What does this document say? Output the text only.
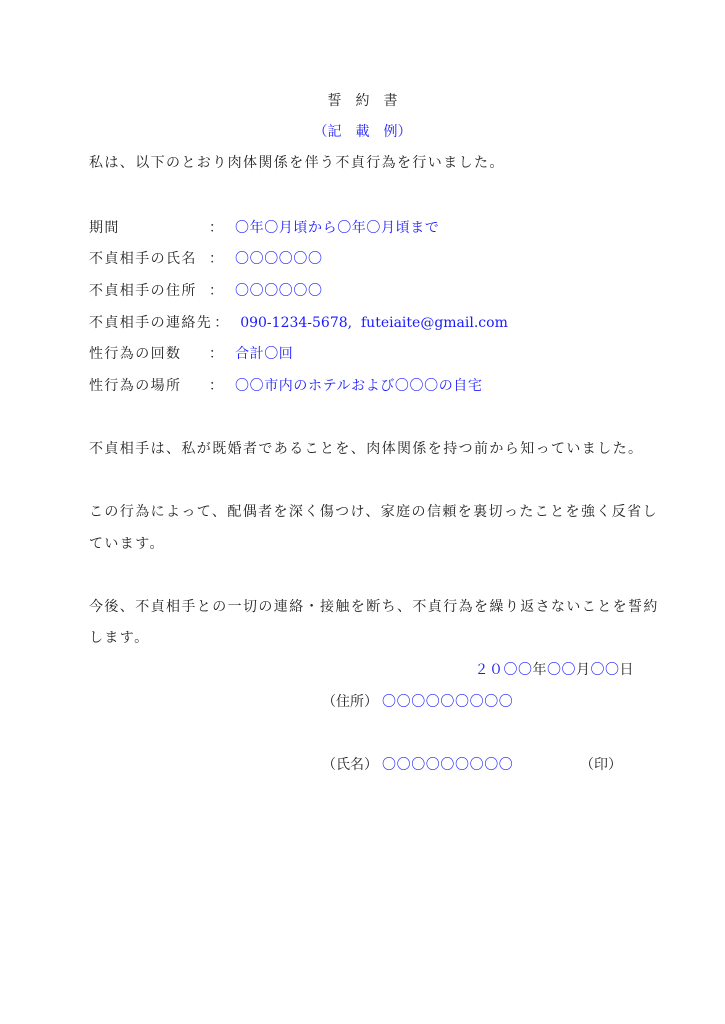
誓　約　書
（記　載　例）
私は、以下のとおり肉体関係を伴う不貞行為を行いました。
期間	： 〇年〇月頃から〇年〇月頃まで
不貞相手の氏名 ： 〇〇〇〇〇〇
不貞相手の住所 ： 〇〇〇〇〇〇
不貞相手の連絡先 ： 090-1234-5678,  futeiaite@gmail.com
性行為の回数	： 合計〇回
性行為の場所	： 〇〇市内のホテルおよび〇〇〇の自宅
不貞相手は、私が既婚者であることを、肉体関係を持つ前から知っていました。
この行為によって、配偶者を深く傷つけ、家庭の信頼を裏切ったことを強く反省し
ています。
今後、不貞相手との一切の連絡・接触を断ち、不貞行為を繰り返さないことを誓約
します。
２０〇〇年〇〇月〇〇日
（住所） 〇〇〇〇〇〇〇〇〇
（氏名） 〇〇〇〇〇〇〇〇〇	（印）
